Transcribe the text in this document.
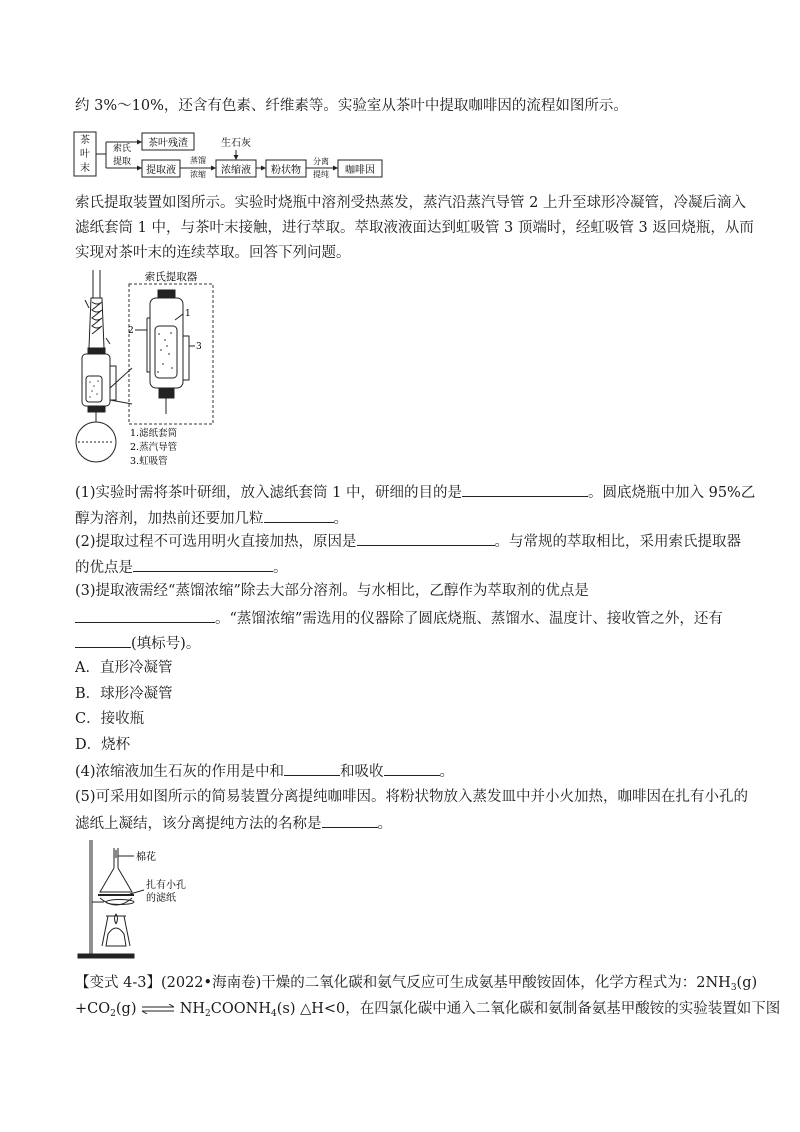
约 3%～10%，还含有色素、纤维素等。实验室从茶叶中提取咖啡因的流程如图所示。
茶
叶
末
索氏
提取
茶叶残渣
提取液
蒸馏
浓缩
生石灰
浓缩液 粉状物
分离
提纯 咖啡因
索氏提取装置如图所示。实验时烧瓶中溶剂受热蒸发，蒸汽沿蒸汽导管 2 上升至球形冷凝管，冷凝后滴入
滤纸套筒 1 中，与茶叶末接触，进行萃取。萃取液液面达到虹吸管 3 顶端时，经虹吸管 3 返回烧瓶，从而
实现对茶叶末的连续萃取。回答下列问题。
索氏提取器
1
2
3
1.滤纸套筒
2.蒸汽导管
3.虹吸管
(1)实验时需将茶叶研细，放入滤纸套筒 1 中，研细的目的是	。圆底烧瓶中加入 95%乙
醇为溶剂，加热前还要加几粒	。
(2)提取过程不可选用明火直接加热，原因是	。与常规的萃取相比，采用索氏提取器
的优点是	。
(3)提取液需经“蒸馏浓缩”除去大部分溶剂。与水相比，乙醇作为萃取剂的优点是
。“蒸馏浓缩”需选用的仪器除了圆底烧瓶、蒸馏水、温度计、接收管之外，还有
(填标号)。
A．直形冷凝管
B．球形冷凝管
C．接收瓶
D．烧杯
(4)浓缩液加生石灰的作用是中和	和吸收	。
(5)可采用如图所示的简易装置分离提纯咖啡因。将粉状物放入蒸发皿中并小火加热，咖啡因在扎有小孔的
滤纸上凝结，该分离提纯方法的名称是	。
棉花
扎有小孔
的滤纸
【变式 4-3】(2022•海南卷)干燥的二氧化碳和氨气反应可生成氨基甲酸铵固体，化学方程式为：$2NH_3(g)$
$+CO_2(g)$ ⇌ $NH_2COONH_4(s)$ △H<0，在四氯化碳中通入二氧化碳和氨制备氨基甲酸铵的实验装置如下图
